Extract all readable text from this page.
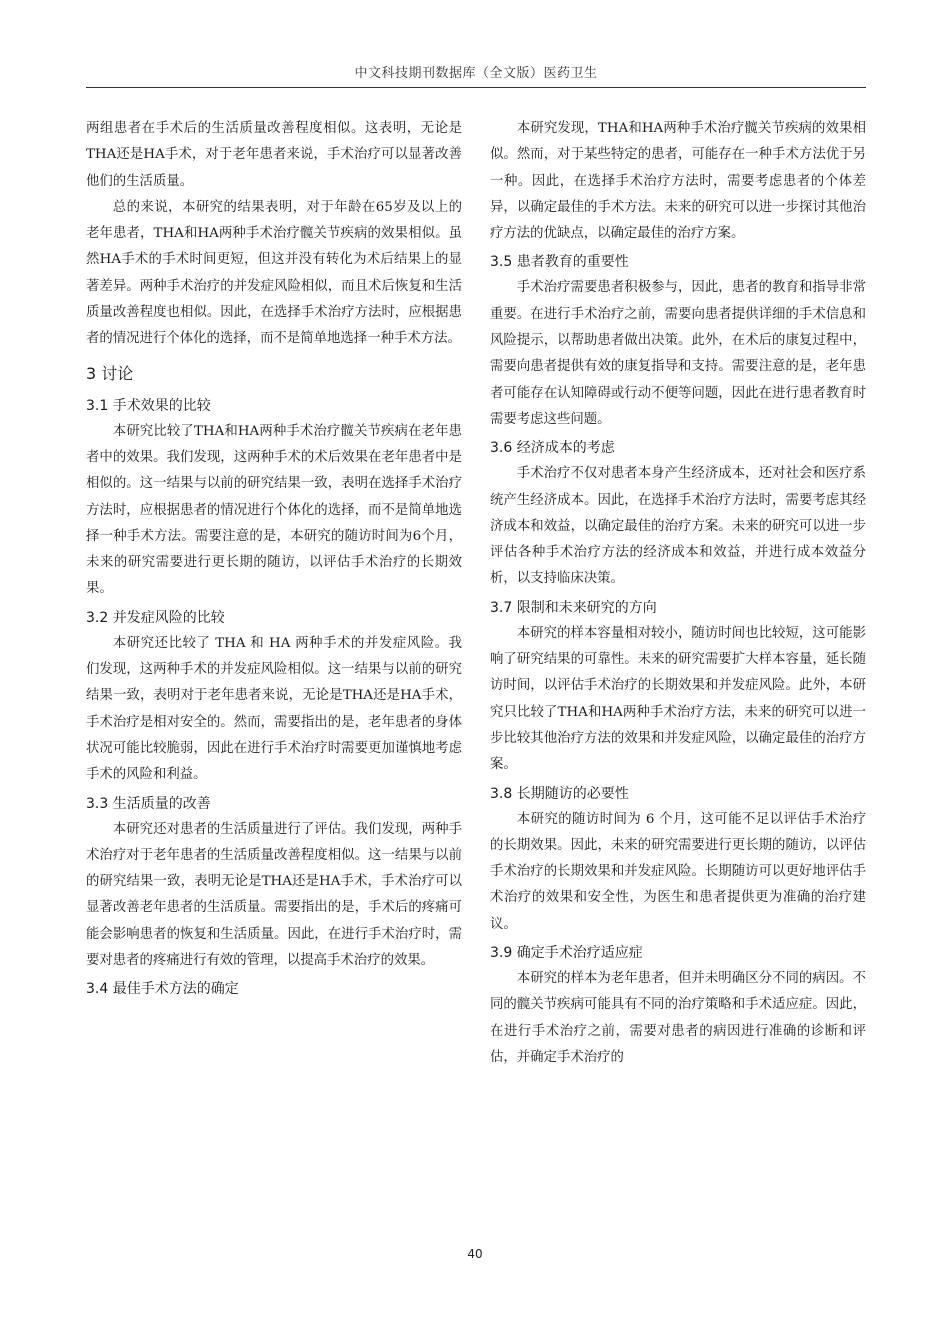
中文科技期刊数据库（全文版）医药卫生

两组患者在手术后的生活质量改善程度相似。这表明，无论是THA还是HA手术，对于老年患者来说，手术治疗可以显著改善他们的生活质量。

总的来说，本研究的结果表明，对于年龄在65岁及以上的老年患者，THA和HA两种手术治疗髋关节疾病的效果相似。虽然HA手术的手术时间更短，但这并没有转化为术后结果上的显著差异。两种手术治疗的并发症风险相似，而且术后恢复和生活质量改善程度也相似。因此，在选择手术治疗方法时，应根据患者的情况进行个体化的选择，而不是简单地选择一种手术方法。

3 讨论
3.1 手术效果的比较

本研究比较了THA和HA两种手术治疗髋关节疾病在老年患者中的效果。我们发现，这两种手术的术后效果在老年患者中是相似的。这一结果与以前的研究结果一致，表明在选择手术治疗方法时，应根据患者的情况进行个体化的选择，而不是简单地选择一种手术方法。需要注意的是，本研究的随访时间为6个月，未来的研究需要进行更长期的随访，以评估手术治疗的长期效果。

3.2 并发症风险的比较

本研究还比较了 THA 和 HA 两种手术的并发症风险。我们发现，这两种手术的并发症风险相似。这一结果与以前的研究结果一致，表明对于老年患者来说，无论是THA还是HA手术，手术治疗是相对安全的。然而，需要指出的是，老年患者的身体状况可能比较脆弱，因此在进行手术治疗时需要更加谨慎地考虑手术的风险和利益。

3.3 生活质量的改善

本研究还对患者的生活质量进行了评估。我们发现，两种手术治疗对于老年患者的生活质量改善程度相似。这一结果与以前的研究结果一致，表明无论是THA还是HA手术，手术治疗可以显著改善老年患者的生活质量。需要指出的是，手术后的疼痛可能会影响患者的恢复和生活质量。因此，在进行手术治疗时，需要对患者的疼痛进行有效的管理，以提高手术治疗的效果。

3.4 最佳手术方法的确定

本研究发现，THA和HA两种手术治疗髋关节疾病的效果相似。然而，对于某些特定的患者，可能存在一种手术方法优于另一种。因此，在选择手术治疗方法时，需要考虑患者的个体差异，以确定最佳的手术方法。未来的研究可以进一步探讨其他治疗方法的优缺点，以确定最佳的治疗方案。

3.5 患者教育的重要性

手术治疗需要患者积极参与，因此，患者的教育和指导非常重要。在进行手术治疗之前，需要向患者提供详细的手术信息和风险提示，以帮助患者做出决策。此外，在术后的康复过程中，需要向患者提供有效的康复指导和支持。需要注意的是，老年患者可能存在认知障碍或行动不便等问题，因此在进行患者教育时需要考虑这些问题。

3.6 经济成本的考虑

手术治疗不仅对患者本身产生经济成本，还对社会和医疗系统产生经济成本。因此，在选择手术治疗方法时，需要考虑其经济成本和效益，以确定最佳的治疗方案。未来的研究可以进一步评估各种手术治疗方法的经济成本和效益，并进行成本效益分析，以支持临床决策。

3.7 限制和未来研究的方向

本研究的样本容量相对较小，随访时间也比较短，这可能影响了研究结果的可靠性。未来的研究需要扩大样本容量，延长随访时间，以评估手术治疗的长期效果和并发症风险。此外，本研究只比较了THA和HA两种手术治疗方法，未来的研究可以进一步比较其他治疗方法的效果和并发症风险，以确定最佳的治疗方案。

3.8 长期随访的必要性

本研究的随访时间为 6 个月，这可能不足以评估手术治疗的长期效果。因此，未来的研究需要进行更长期的随访，以评估手术治疗的长期效果和并发症风险。长期随访可以更好地评估手术治疗的效果和安全性，为医生和患者提供更为准确的治疗建议。

3.9 确定手术治疗适应症

本研究的样本为老年患者，但并未明确区分不同的病因。不同的髋关节疾病可能具有不同的治疗策略和手术适应症。因此，在进行手术治疗之前，需要对患者的病因进行准确的诊断和评估，并确定手术治疗的

40
